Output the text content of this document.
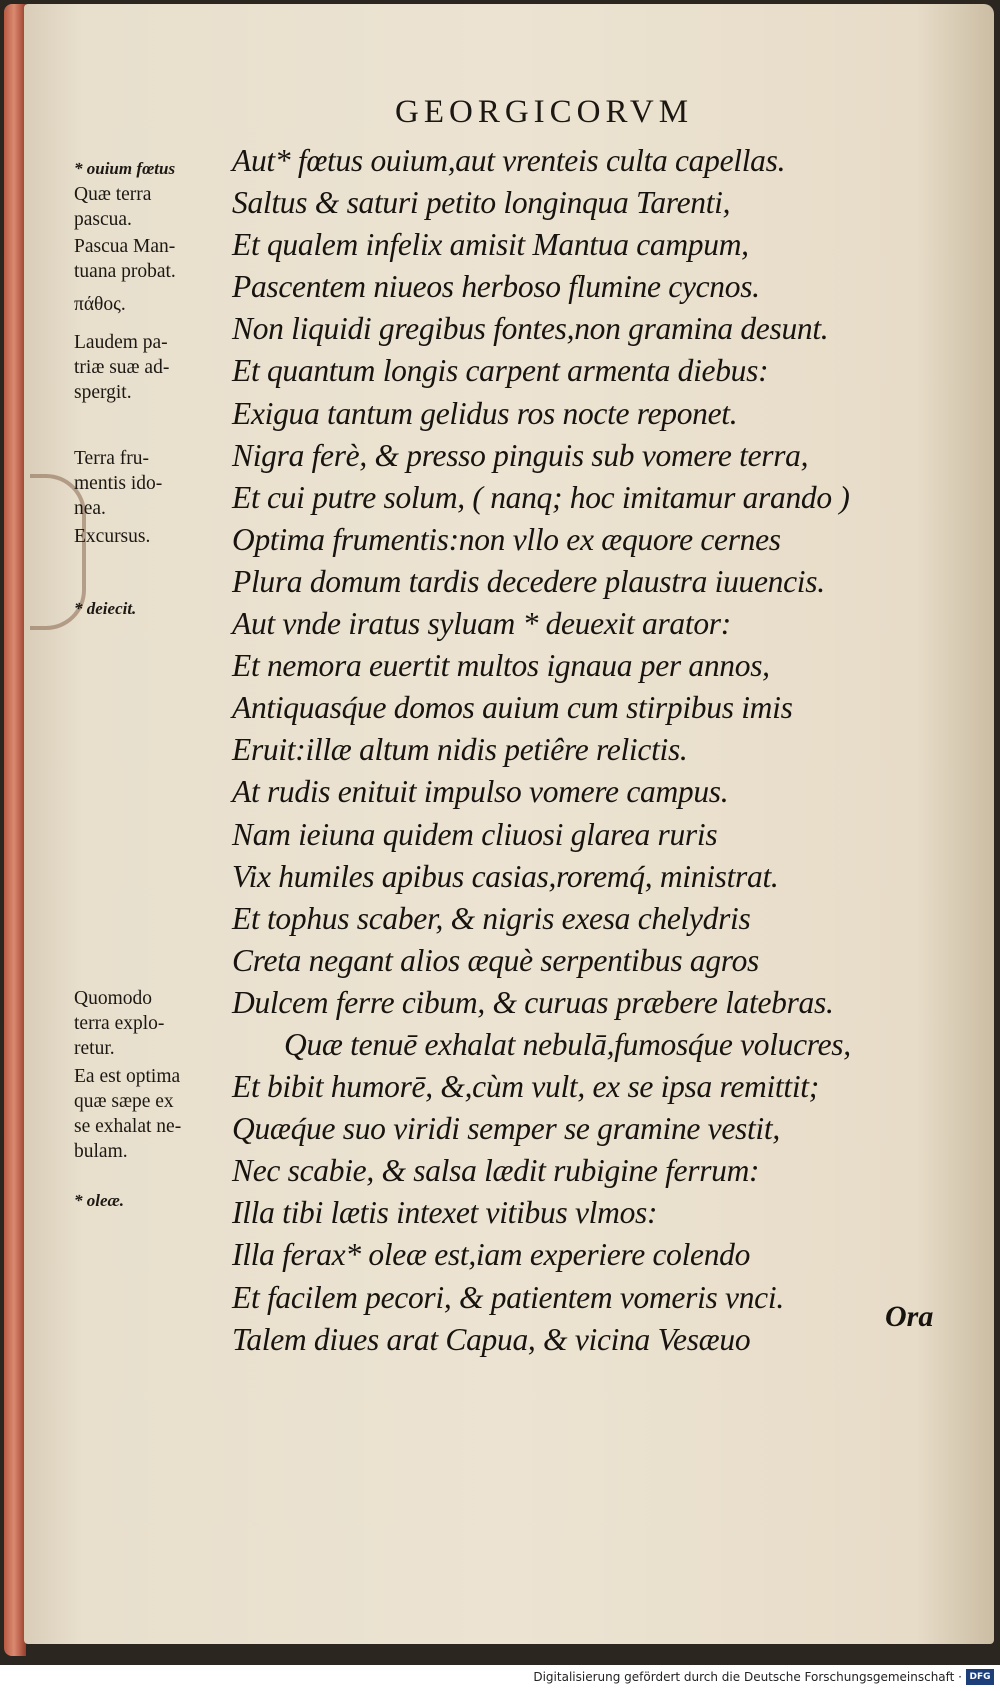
GEORGICORVM
Aut* fœtus ouium,aut vrenteis culta capellas.
Saltus & saturi petito longinqua Tarenti,
Et qualem infelix amisit Mantua campum,
Pascentem niueos herboso flumine cycnos.
Non liquidi gregibus fontes,non gramina desunt.
Et quantum longis carpent armenta diebus:
Exigua tantum gelidus ros nocte reponet.
Nigra ferè, & presso pinguis sub vomere terra,
Et cui putre solum, ( nanq; hoc imitamur arando )
Optima frumentis:non vllo ex æquore cernes
Plura domum tardis decedere plaustra iuuencis.
Aut vnde iratus syluam * deuexit arator:
Et nemora euertit multos ignaua per annos,
Antiquasq́ue domos auium cum stirpibus imis
Eruit:illæ altum nidis petiêre relictis.
At rudis enituit impulso vomere campus.
Nam ieiuna quidem cliuosi glarea ruris
Vix humiles apibus casias,roremq́, ministrat.
Et tophus scaber, & nigris exesa chelydris
Creta negant alios æquè serpentibus agros
Dulcem ferre cibum, & curuas præbere latebras.
Quæ tenuē exhalat nebulā,fumosq́ue volucres,
Et bibit humorē, &,cùm vult, ex se ipsa remittit;
Quæq́ue suo viridi semper se gramine vestit,
Nec scabie, & salsa lædit rubigine ferrum:
Illa tibi lætis intexet vitibus vlmos:
Illa ferax* oleæ est,iam experiere colendo
Et facilem pecori, & patientem vomeris vnci.
Talem diues arat Capua, & vicina Vesæuo
* ouium fœtus
Quæ terra
pascua.
Pascua Man-
tuana probat.
πάθος.
Laudem pa-
triæ suæ ad-
spergit.
Terra fru-
mentis ido-
nea.
Excursus.
* deiecit.
Quomodo
terra explo-
retur.
Ea est optima
quæ sæpe ex
se exhalat ne-
bulam.
* oleæ.
Ora
Digitalisierung gefördert durch die Deutsche Forschungsgemeinschaft · DFG
